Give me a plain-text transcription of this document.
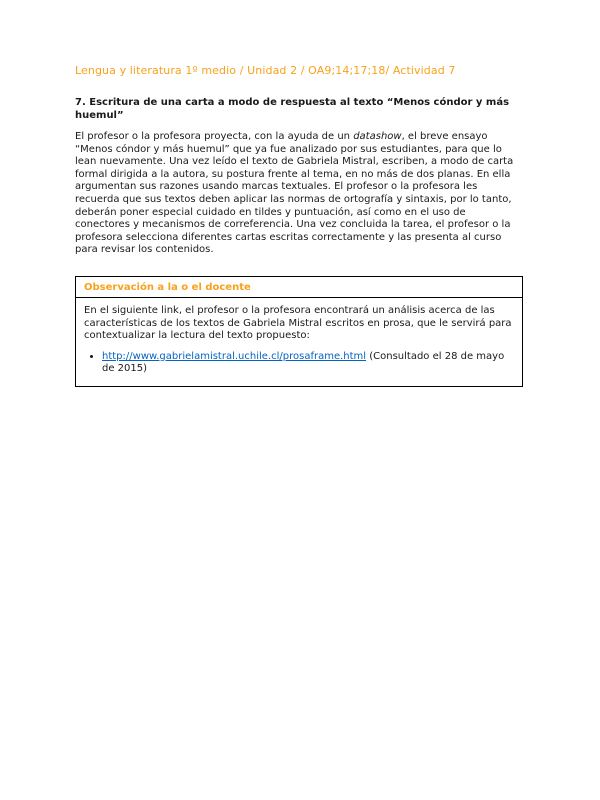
Lengua y literatura 1º medio / Unidad 2 / OA9;14;17;18/ Actividad 7
7. Escritura de una carta a modo de respuesta al texto “Menos cóndor y más huemul”

El profesor o la profesora proyecta, con la ayuda de un datashow, el breve ensayo “Menos cóndor y más huemul” que ya fue analizado por sus estudiantes, para que lo lean nuevamente. Una vez leído el texto de Gabriela Mistral, escriben, a modo de carta formal dirigida a la autora, su postura frente al tema, en no más de dos planas. En ella argumentan sus razones usando marcas textuales. El profesor o la profesora les recuerda que sus textos deben aplicar las normas de ortografía y sintaxis, por lo tanto, deberán poner especial cuidado en tildes y puntuación, así como en el uso de conectores y mecanismos de correferencia. Una vez concluida la tarea, el profesor o la profesora selecciona diferentes cartas escritas correctamente y las presenta al curso para revisar los contenidos.

Observación a la o el docente

En el siguiente link, el profesor o la profesora encontrará un análisis acerca de las características de los textos de Gabriela Mistral escritos en prosa, que le servirá para contextualizar la lectura del texto propuesto:

• http://www.gabrielamistral.uchile.cl/prosaframe.html (Consultado el 28 de mayo de 2015)
